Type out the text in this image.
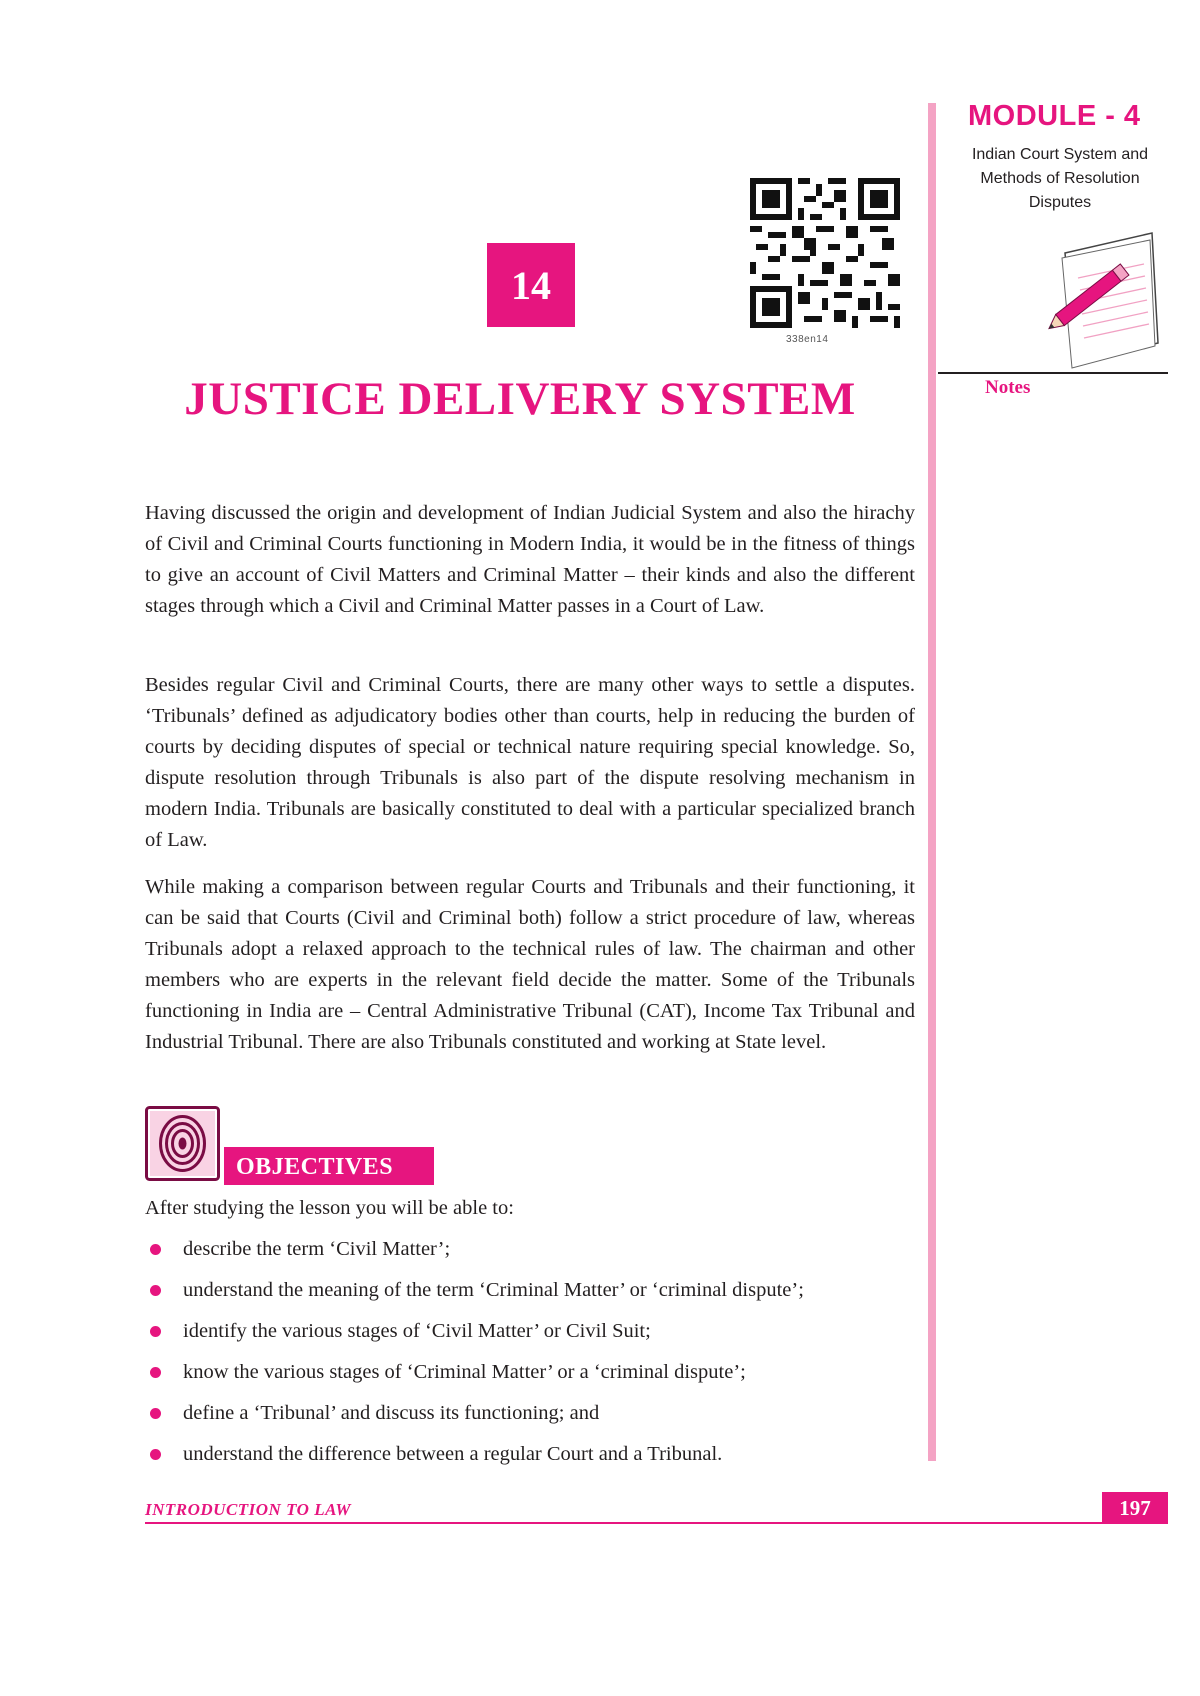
MODULE - 4
Indian Court System and
Methods of Resolution
Disputes
Notes
14
338en14
JUSTICE DELIVERY SYSTEM

Having discussed the origin and development of Indian Judicial System and also the hirachy of Civil and Criminal Courts functioning in Modern India, it would be in the fitness of things to give an account of Civil Matters and Criminal Matter – their kinds and also the different stages through which a Civil and Criminal Matter passes in a Court of Law.

Besides regular Civil and Criminal Courts, there are many other ways to settle a disputes. ‘Tribunals’ defined as adjudicatory bodies other than courts, help in reducing the burden of courts by deciding disputes of special or technical nature requiring special knowledge. So, dispute resolution through Tribunals is also part of the dispute resolving mechanism in modern India. Tribunals are basically constituted to deal with a particular specialized branch of Law.

While making a comparison between regular Courts and Tribunals and their functioning, it can be said that Courts (Civil and Criminal both) follow a strict procedure of law, whereas Tribunals adopt a relaxed approach to the technical rules of law. The chairman and other members who are experts in the relevant field decide the matter. Some of the Tribunals functioning in India are – Central Administrative Tribunal (CAT), Income Tax Tribunal and Industrial Tribunal. There are also Tribunals constituted and working at State level.

OBJECTIVES

After studying the lesson you will be able to:

describe the term ‘Civil Matter’;
understand the meaning of the term ‘Criminal Matter’ or ‘criminal dispute’;
identify the various stages of ‘Civil Matter’ or Civil Suit;
know the various stages of ‘Criminal Matter’ or a ‘criminal dispute’;
define a ‘Tribunal’ and discuss its functioning; and
understand the difference between a regular Court and a Tribunal.
INTRODUCTION TO LAW	197
